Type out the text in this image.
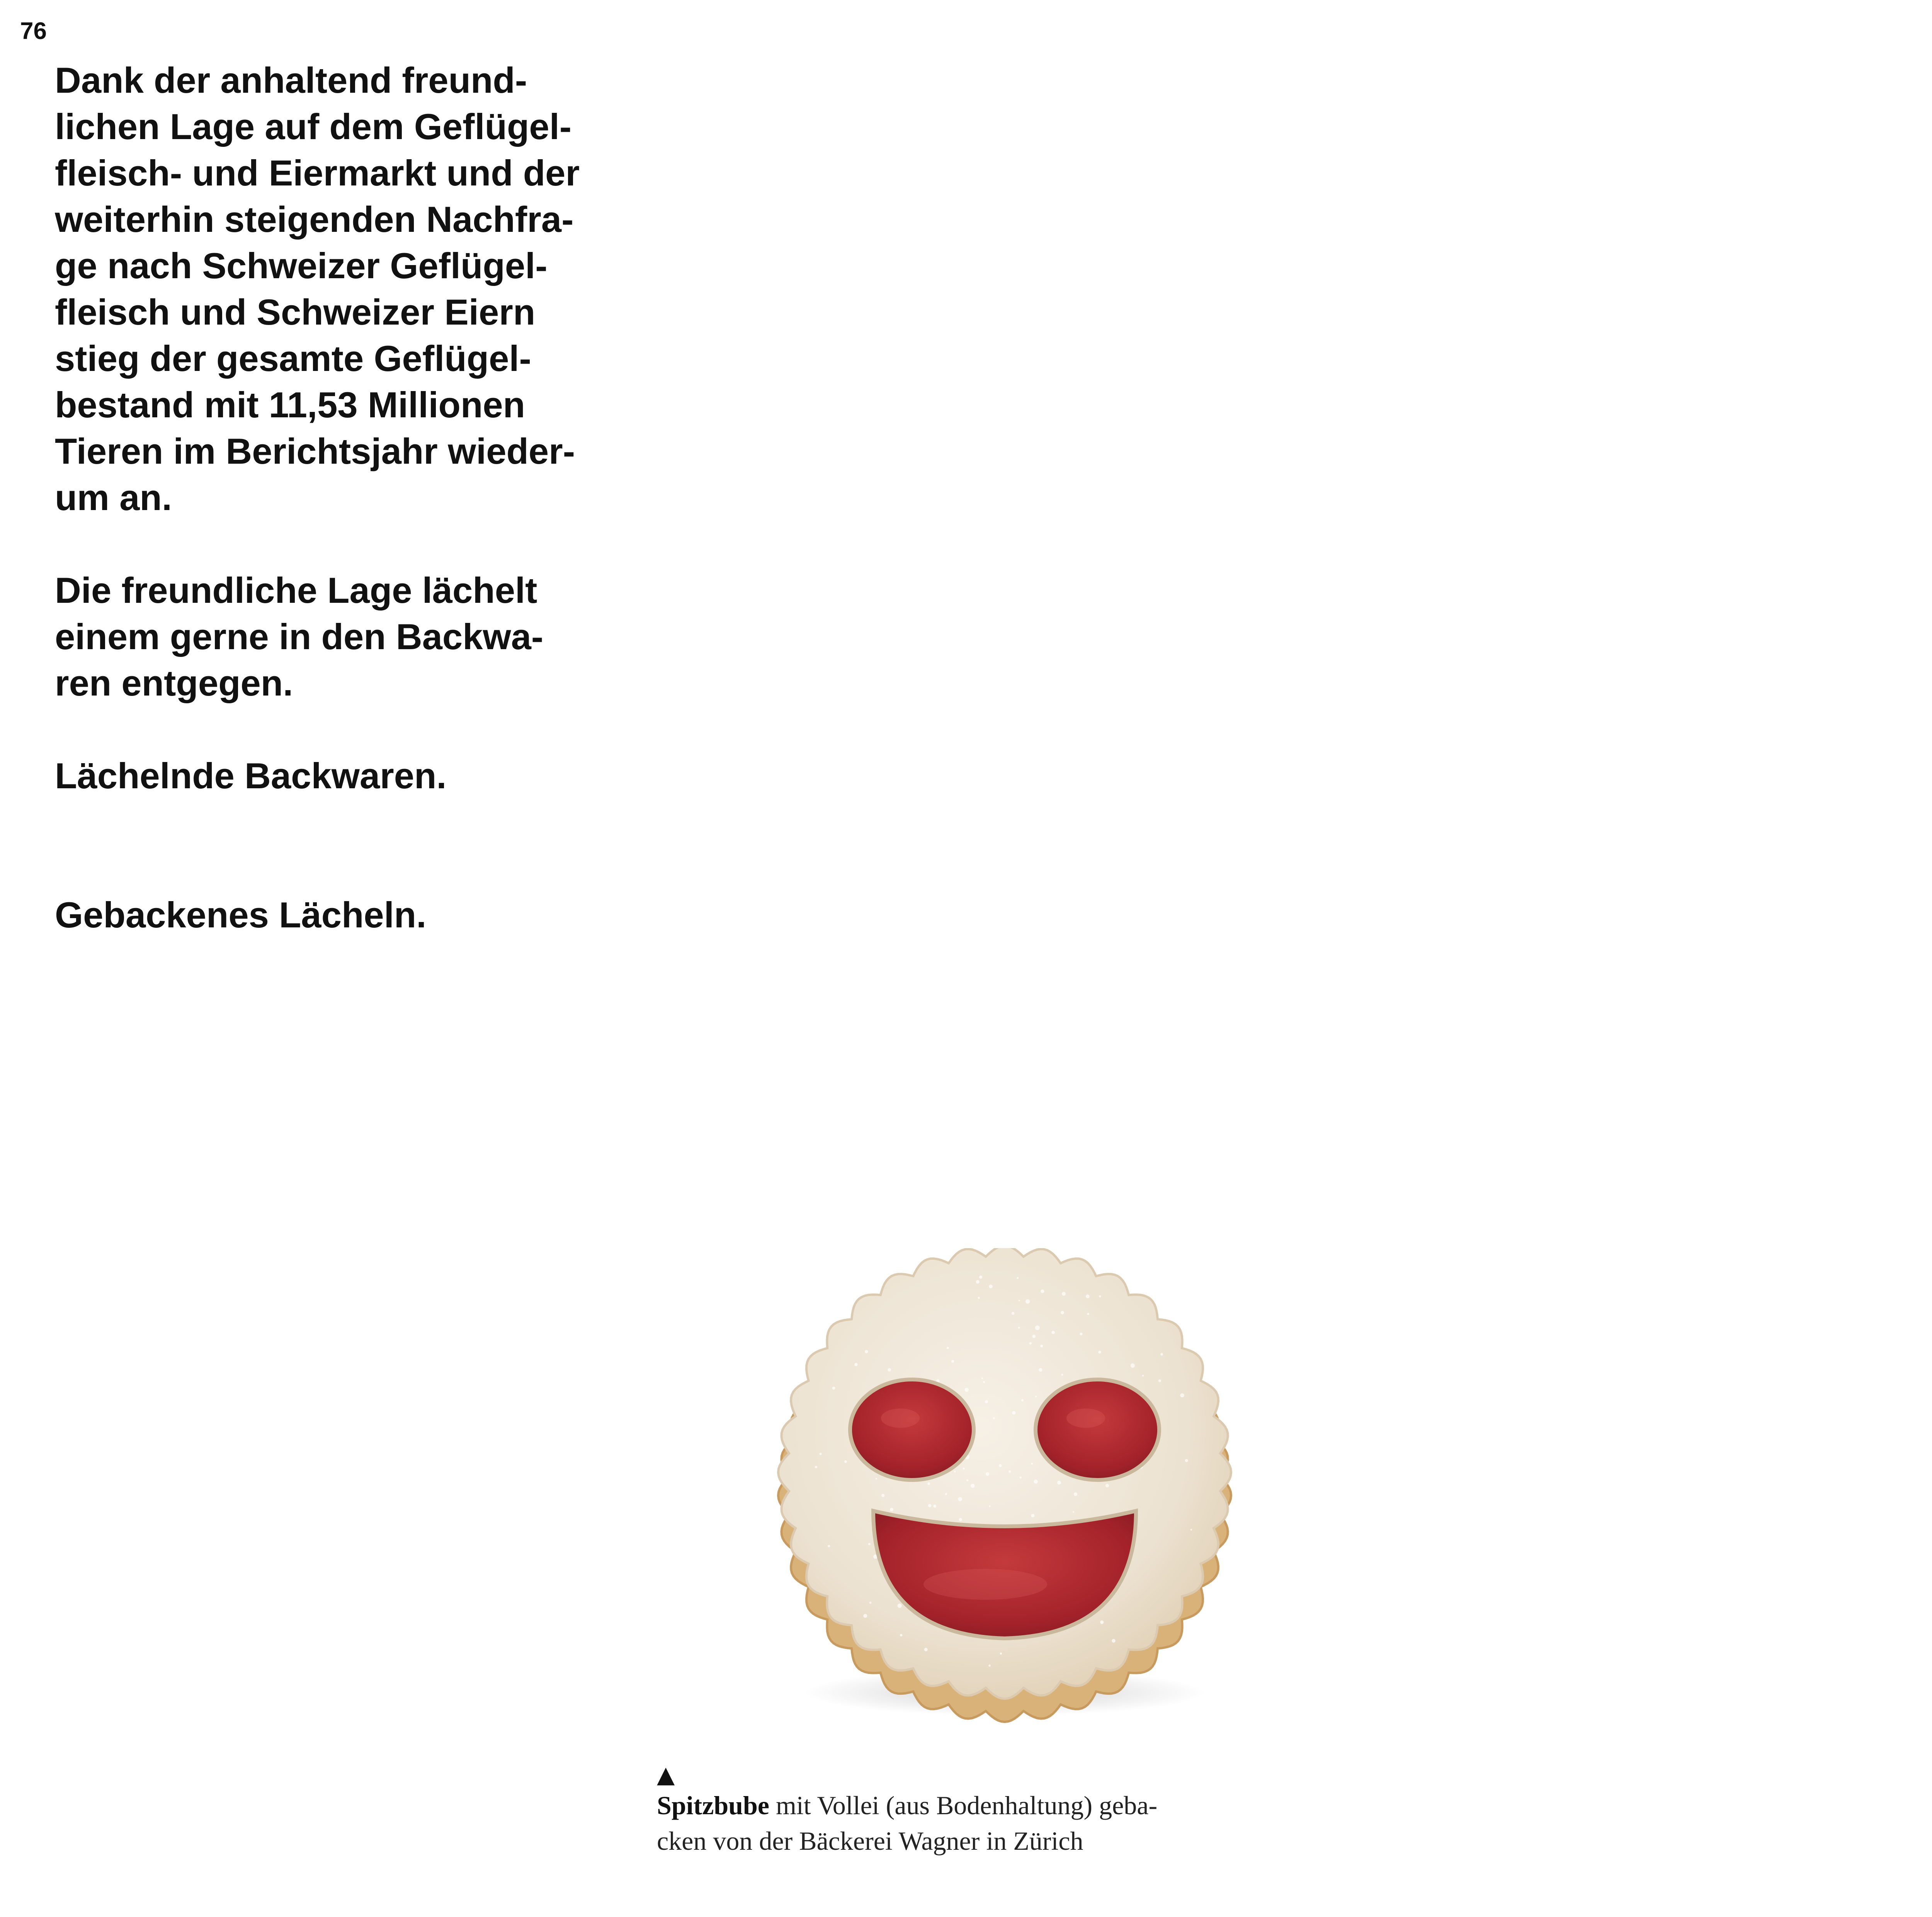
76

Dank der anhaltend freund-
lichen Lage auf dem Geflügel-
fleisch- und Eiermarkt und der
weiterhin steigenden Nachfra-
ge nach Schweizer Geflügel-
fleisch und Schweizer Eiern
stieg der gesamte Geflügel-
bestand mit 11,53 Millionen
Tieren im Berichtsjahr wieder-
um an.

Die freundliche Lage lächelt
einem gerne in den Backwa-
ren entgegen.

Lächelnde Backwaren.

Gebackenes Lächeln.

▲
Spitzbube mit Vollei (aus Bodenhaltung) geba-
cken von der Bäckerei Wagner in Zürich
